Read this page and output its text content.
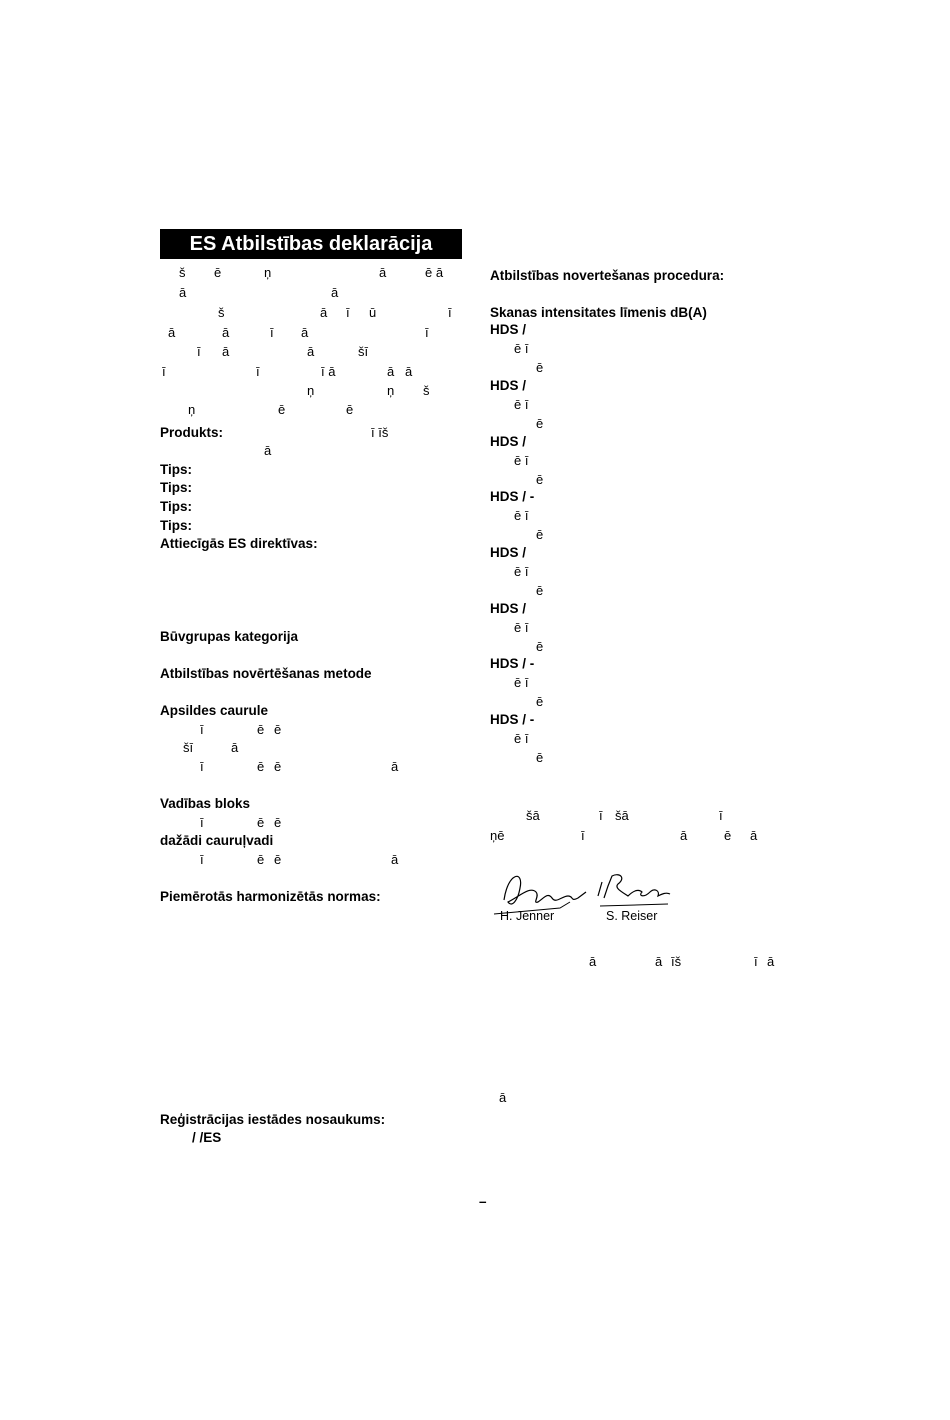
ES Atbilstības deklarācija
š ē	ņ	ā	ē ā
ā	ā
š	ā ī ū	ī
ā	ā	ī ā	ī
ī ā	ā	šī
ī	ī	ī ā	ā ā
ņ	ņ š
ņ	ē	ē
Produkts:	ī īš
ā
Tips:
Tips:
Tips:
Tips:
Attiecīgās ES direktīvas:
Būvgrupas kategorija
Atbilstības novērtēšanas metode
Apsildes caurule
ī	ē ē
šī	ā
ī	ē ē	ā
Vadības bloks
ī	ē ē
dažādi cauruļvadi
ī	ē ē	ā
Piemērotās harmonizētās normas:
Reģistrācijas iestādes nosaukums:
/ /ES
Atbilstības novertešanas procedura:
Skanas intensitates līmenis dB(A)
HDS /
ē ī
ē
HDS /
ē ī
ē
HDS /
ē ī
ē
HDS / -
ē ī
ē
HDS /
ē ī
ē
HDS /
ē ī
ē
HDS / -
ē ī
ē
HDS / -
ē ī
ē
šā	ī šā	ī
ņē	ī	ā	ē ā
H. Jenner	S. Reiser
ā	ā īš	ī ā
ā
–
